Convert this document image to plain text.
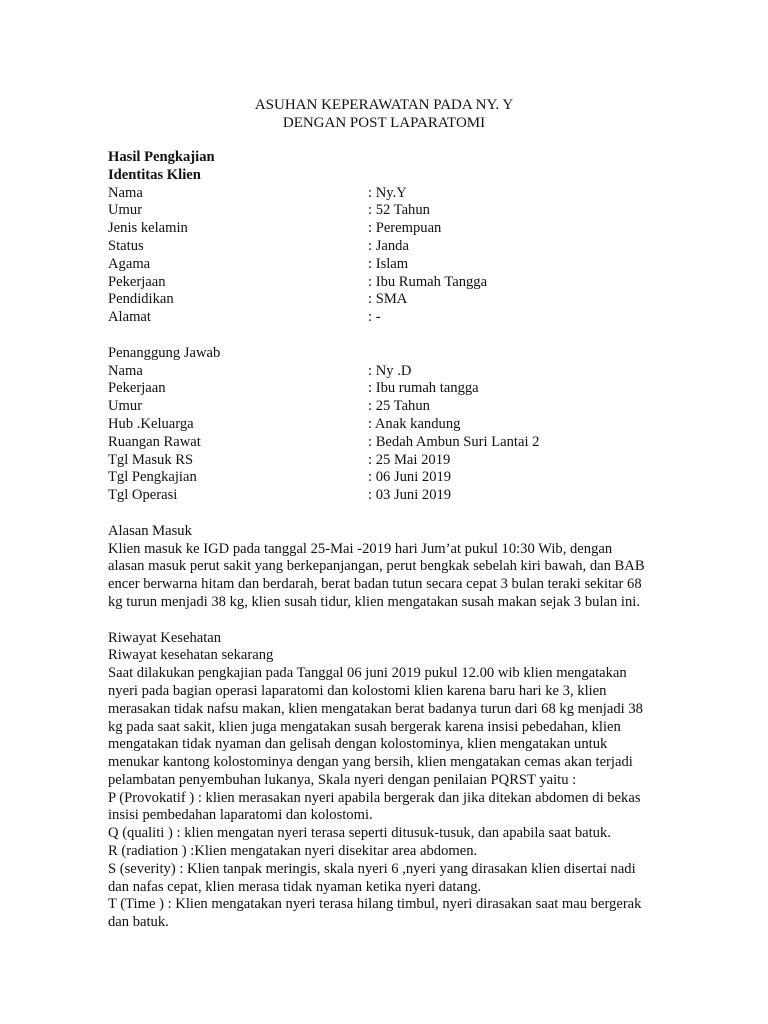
ASUHAN KEPERAWATAN PADA NY. Y
DENGAN POST LAPARATOMI
Hasil Pengkajian
Identitas Klien
Nama	: Ny.Y
Umur	: 52 Tahun
Jenis kelamin	: Perempuan
Status	: Janda
Agama	: Islam
Pekerjaan	: Ibu Rumah Tangga
Pendidikan	: SMA
Alamat	: -
Penanggung Jawab
Nama	: Ny .D
Pekerjaan	: Ibu rumah tangga
Umur	: 25 Tahun
Hub .Keluarga	: Anak kandung
Ruangan Rawat	: Bedah Ambun Suri Lantai 2
Tgl Masuk RS	: 25 Mai 2019
Tgl Pengkajian	: 06 Juni 2019
Tgl Operasi	: 03 Juni 2019
Alasan Masuk
Klien masuk ke IGD pada tanggal 25-Mai -2019 hari Jum’at pukul 10:30 Wib, dengan
alasan masuk perut sakit yang berkepanjangan, perut bengkak sebelah kiri bawah, dan BAB
encer berwarna hitam dan berdarah, berat badan tutun secara cepat 3 bulan teraki sekitar 68
kg turun menjadi 38 kg, klien susah tidur, klien mengatakan susah makan sejak 3 bulan ini.
Riwayat Kesehatan
Riwayat kesehatan sekarang
Saat dilakukan pengkajian pada Tanggal 06 juni 2019 pukul 12.00 wib klien mengatakan
nyeri pada bagian operasi laparatomi dan kolostomi klien karena baru hari ke 3, klien
merasakan tidak nafsu makan, klien mengatakan berat badanya turun dari 68 kg menjadi 38
kg pada saat sakit, klien juga mengatakan susah bergerak karena insisi pebedahan, klien
mengatakan tidak nyaman dan gelisah dengan kolostominya, klien mengatakan untuk
menukar kantong kolostominya dengan yang bersih, klien mengatakan cemas akan terjadi
pelambatan penyembuhan lukanya, Skala nyeri dengan penilaian PQRST yaitu :
P (Provokatif ) : klien merasakan nyeri apabila bergerak dan jika ditekan abdomen di bekas
insisi pembedahan laparatomi dan kolostomi.
Q (qualiti ) : klien mengatan nyeri terasa seperti ditusuk-tusuk, dan apabila saat batuk.
R (radiation ) :Klien mengatakan nyeri disekitar area abdomen.
S (severity) : Klien tanpak meringis, skala nyeri 6 ,nyeri yang dirasakan klien disertai nadi
dan nafas cepat, klien merasa tidak nyaman ketika nyeri datang.
T (Time ) : Klien mengatakan nyeri terasa hilang timbul, nyeri dirasakan saat mau bergerak
dan batuk.
